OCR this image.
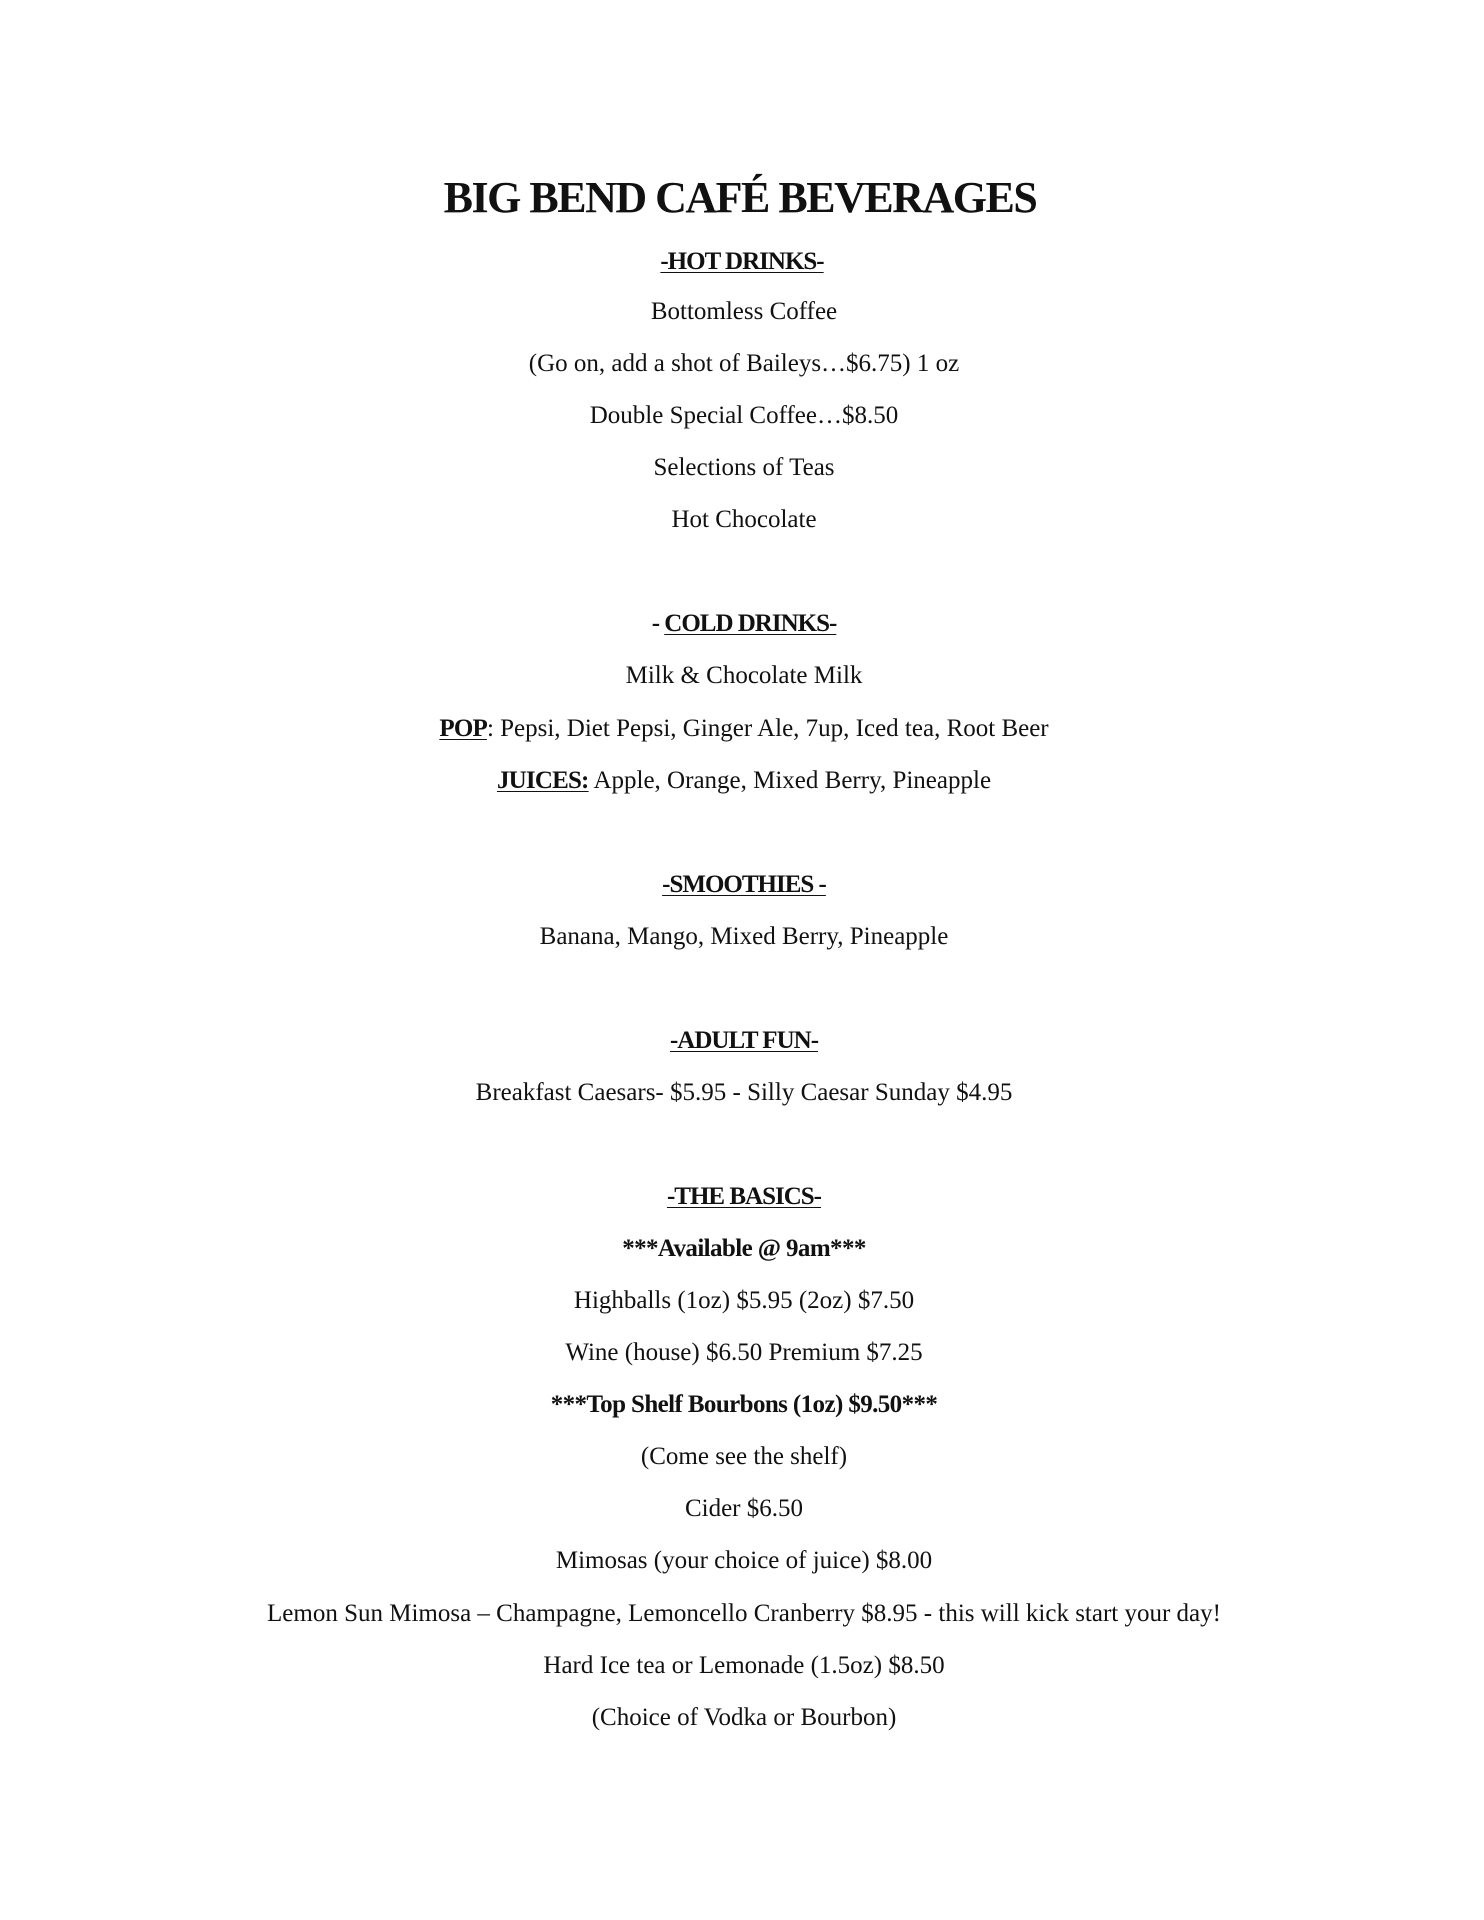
BIG BEND CAFÉ BEVERAGES
-HOT DRINKS-
Bottomless Coffee
(Go on, add a shot of Baileys…$6.75) 1 oz
Double Special Coffee…$8.50
Selections of Teas
Hot Chocolate
- COLD DRINKS-
Milk & Chocolate Milk
POP: Pepsi, Diet Pepsi, Ginger Ale, 7up, Iced tea, Root Beer
JUICES: Apple, Orange, Mixed Berry, Pineapple
-SMOOTHIES -
Banana, Mango, Mixed Berry, Pineapple
-ADULT FUN-
Breakfast Caesars- $5.95 - Silly Caesar Sunday $4.95
-THE BASICS-
***Available @ 9am***
Highballs (1oz) $5.95 (2oz) $7.50
Wine (house) $6.50 Premium $7.25
***Top Shelf Bourbons (1oz) $9.50***
(Come see the shelf)
Cider $6.50
Mimosas (your choice of juice) $8.00
Lemon Sun Mimosa – Champagne, Lemoncello Cranberry $8.95 - this will kick start your day!
Hard Ice tea or Lemonade (1.5oz) $8.50
(Choice of Vodka or Bourbon)
